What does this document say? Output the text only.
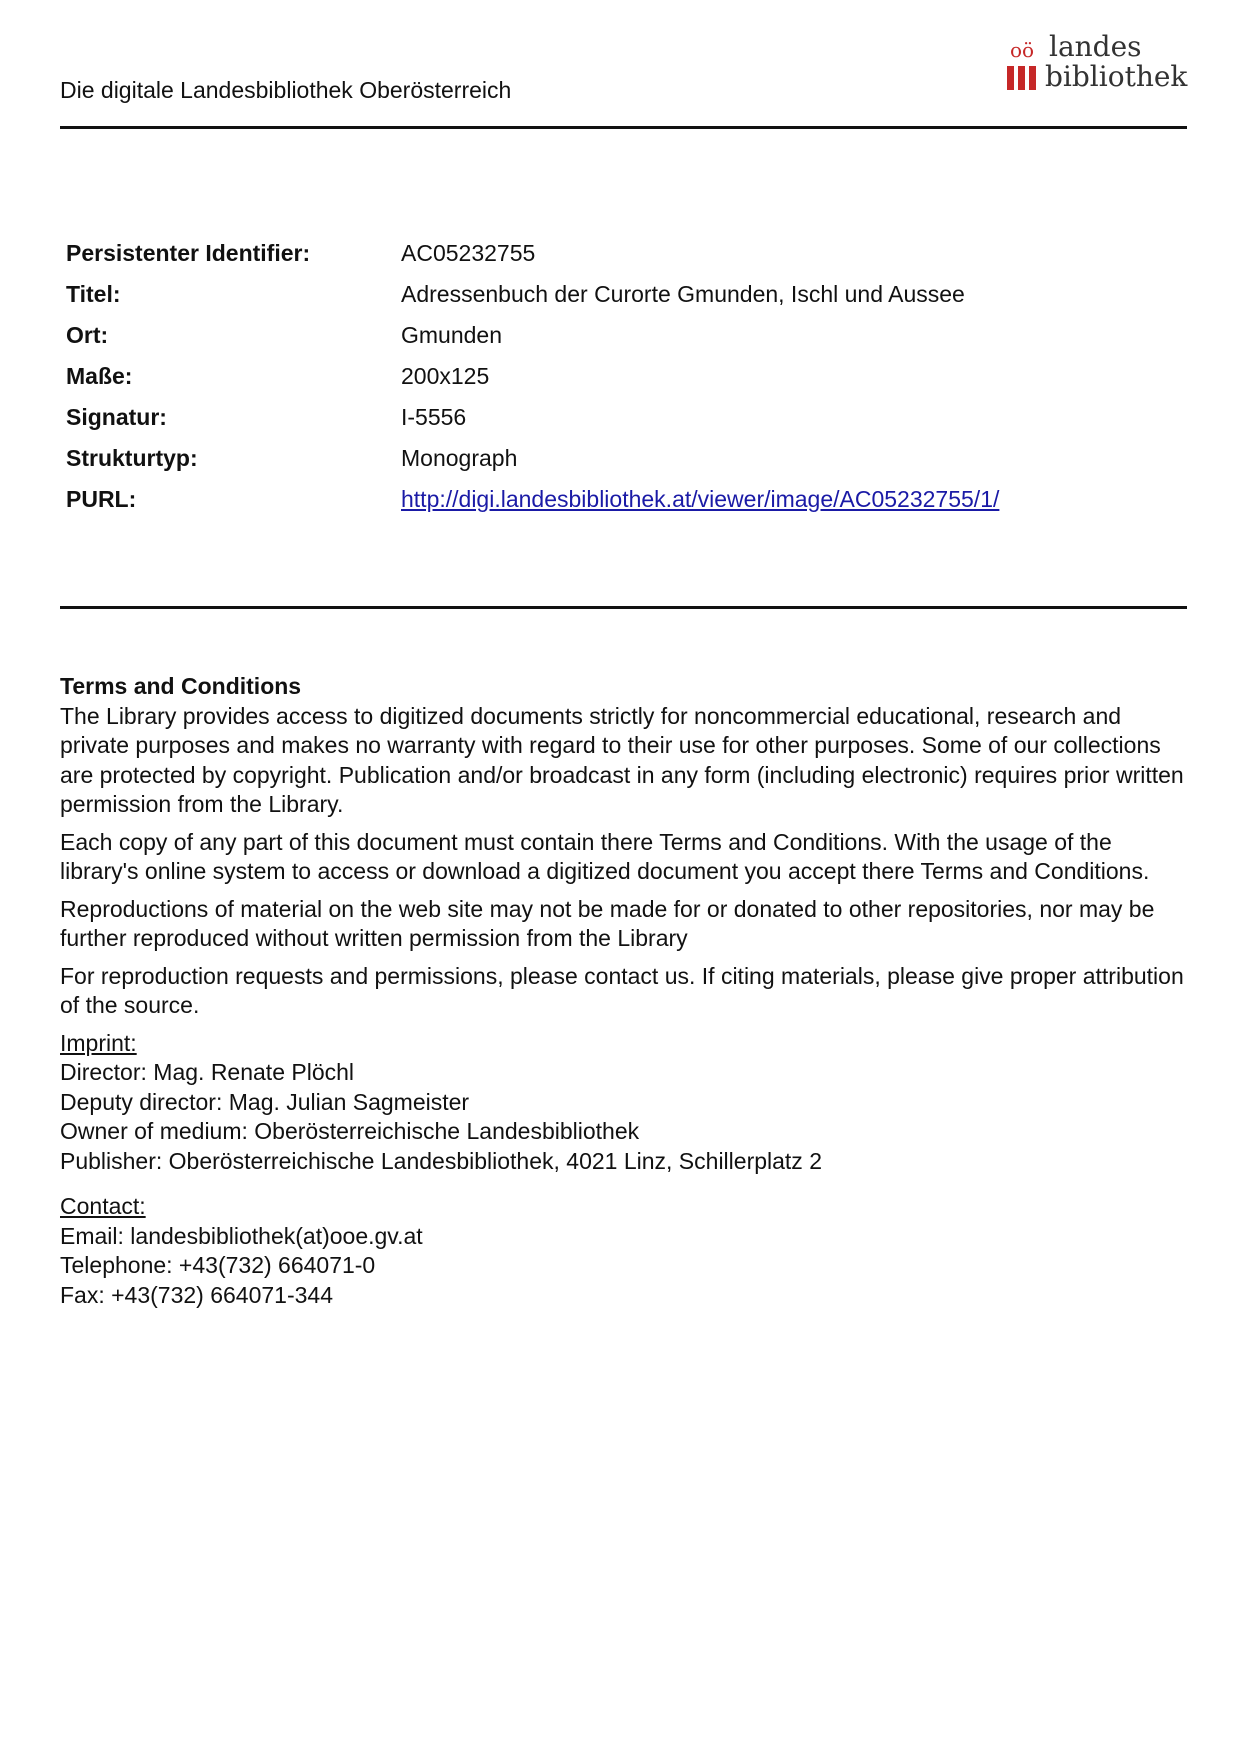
Die digitale Landesbibliothek Oberösterreich
oö landes
bibliothek
Persistenter Identifier:	AC05232755
Titel:	Adressenbuch der Curorte Gmunden, Ischl und Aussee
Ort:	Gmunden
Maße:	200x125
Signatur:	I-5556
Strukturtyp:	Monograph
PURL:	http://digi.landesbibliothek.at/viewer/image/AC05232755/1/
Terms and Conditions

The Library provides access to digitized documents strictly for noncommercial educational, research and private purposes and makes no warranty with regard to their use for other purposes. Some of our collections are protected by copyright. Publication and/or broadcast in any form (including electronic) requires prior written permission from the Library.

Each copy of any part of this document must contain there Terms and Conditions. With the usage of the library's online system to access or download a digitized document you accept there Terms and Conditions.

Reproductions of material on the web site may not be made for or donated to other repositories, nor may be further reproduced without written permission from the Library

For reproduction requests and permissions, please contact us. If citing materials, please give proper attribution of the source.

Imprint:
Director: Mag. Renate Plöchl
Deputy director: Mag. Julian Sagmeister
Owner of medium: Oberösterreichische Landesbibliothek
Publisher: Oberösterreichische Landesbibliothek, 4021 Linz, Schillerplatz 2
Contact:
Email: landesbibliothek(at)ooe.gv.at
Telephone: +43(732) 664071-0
Fax: +43(732) 664071-344
